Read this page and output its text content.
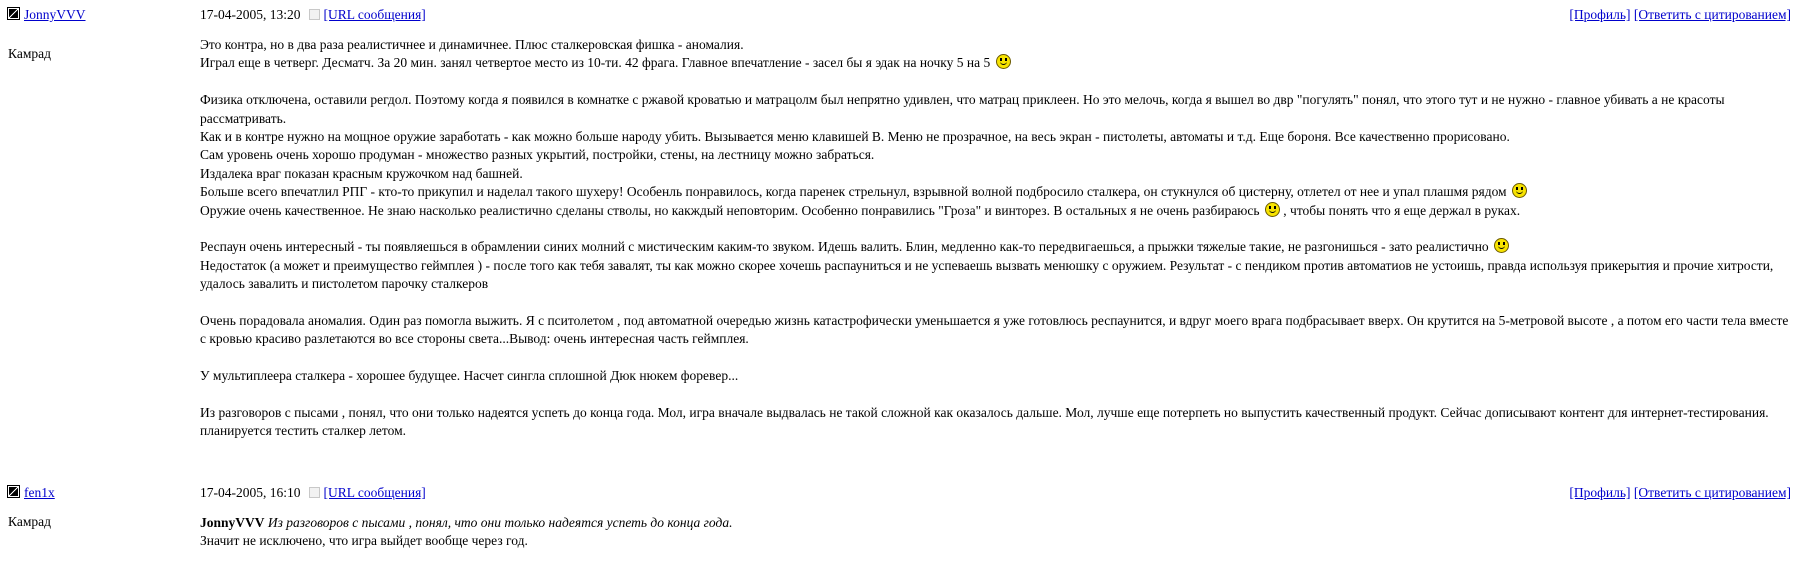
JonnyVVV	17-04-2005, 13:20 [URL сообщения]	[Профиль] [Ответить с цитированием]
Камрад

Это контра, но в два раза реалистичнее и динамичнее. Плюс сталкеровская фишка - аномалия.
Играл еще в четверг. Десматч. За 20 мин. занял четвертое место из 10-ти. 42 фрага. Главное впечатление - засел бы я эдак на ночку 5 на 5

Физика отключена, оставили регдол. Поэтому когда я появился в комнатке с ржавой кроватью и матрацолм был непрятно удивлен, что матрац приклеен. Но это мелочь, когда я вышел во двр "погулять" понял, что этого тут и не нужно - главное убивать а не красоты рассматривать.
Как и в контре нужно на мощное оружие заработать - как можно больше народу убить. Вызывается меню клавишей В. Меню не прозрачное, на весь экран - пистолеты, автоматы и т.д. Еще бороня. Все качественно прорисовано.
Сам уровень очень хорошо продуман - множество разных укрытий, постройки, стены, на лестницу можно забраться.
Издалека враг показан красным кружочком над башней.
Больше всего впечатлил РПГ - кто-то прикупил и наделал такого шухеру! Особенль понравилось, когда паренек стрельнул, взрывной волной подбросило сталкера, он стукнулся об цистерну, отлетел от нее и упал плашмя рядом
Оружие очень качественное. Не знаю насколько реалистично сделаны стволы, но какждый неповторим. Особенно понравились "Гроза" и винторез. В остальных я не очень разбираюсь , чтобы понять что я еще держал в руках.

Респаун очень интересный - ты появляешься в обрамлении синих молний с мистическим каким-то звуком. Идешь валить. Блин, медленно как-то передвигаешься, а прыжки тяжелые такие, не разгонишься - зато реалистично
Недостаток (а может и преимущество геймплея ) - после того как тебя завалят, ты как можно скорее хочешь распауниться и не успеваешь вызвать менюшку с оружием. Результат - с пендиком против автоматиов не устоишь, правда используя прикерытия и прочие хитрости, удалось завалить и пистолетом парочку сталкеров

Очень порадовала аномалия. Один раз помогла выжить. Я с пситолетом , под автоматной очередью жизнь катастрофически уменьшается я уже готовлюсь респаунится, и вдруг моего врага подбрасывает вверх. Он крутится на 5-метровой высоте , а потом его части тела вместе с кровью красиво разлетаются во все стороны света...Вывод: очень интересная часть геймплея.

У мультиплеера сталкера - хорошее будущее. Насчет сингла сплошной Дюк нюкем форевер...

Из разговоров с пысами , понял, что они только надеятся успеть до конца года. Мол, игра вначале выдвалась не такой сложной как оказалось дальше. Мол, лучше еще потерпеть но выпустить качественный продукт. Сейчас дописывают контент для интернет-тестирования. планируется тестить сталкер летом.

fen1x	17-04-2005, 16:10 [URL сообщения]	[Профиль] [Ответить с цитированием]
Камрад	JonnyVVV Из разговоров с пысами , понял, что они только надеятся успеть до конца года.
Значит не исключено, что игра выйдет вообще через год.
